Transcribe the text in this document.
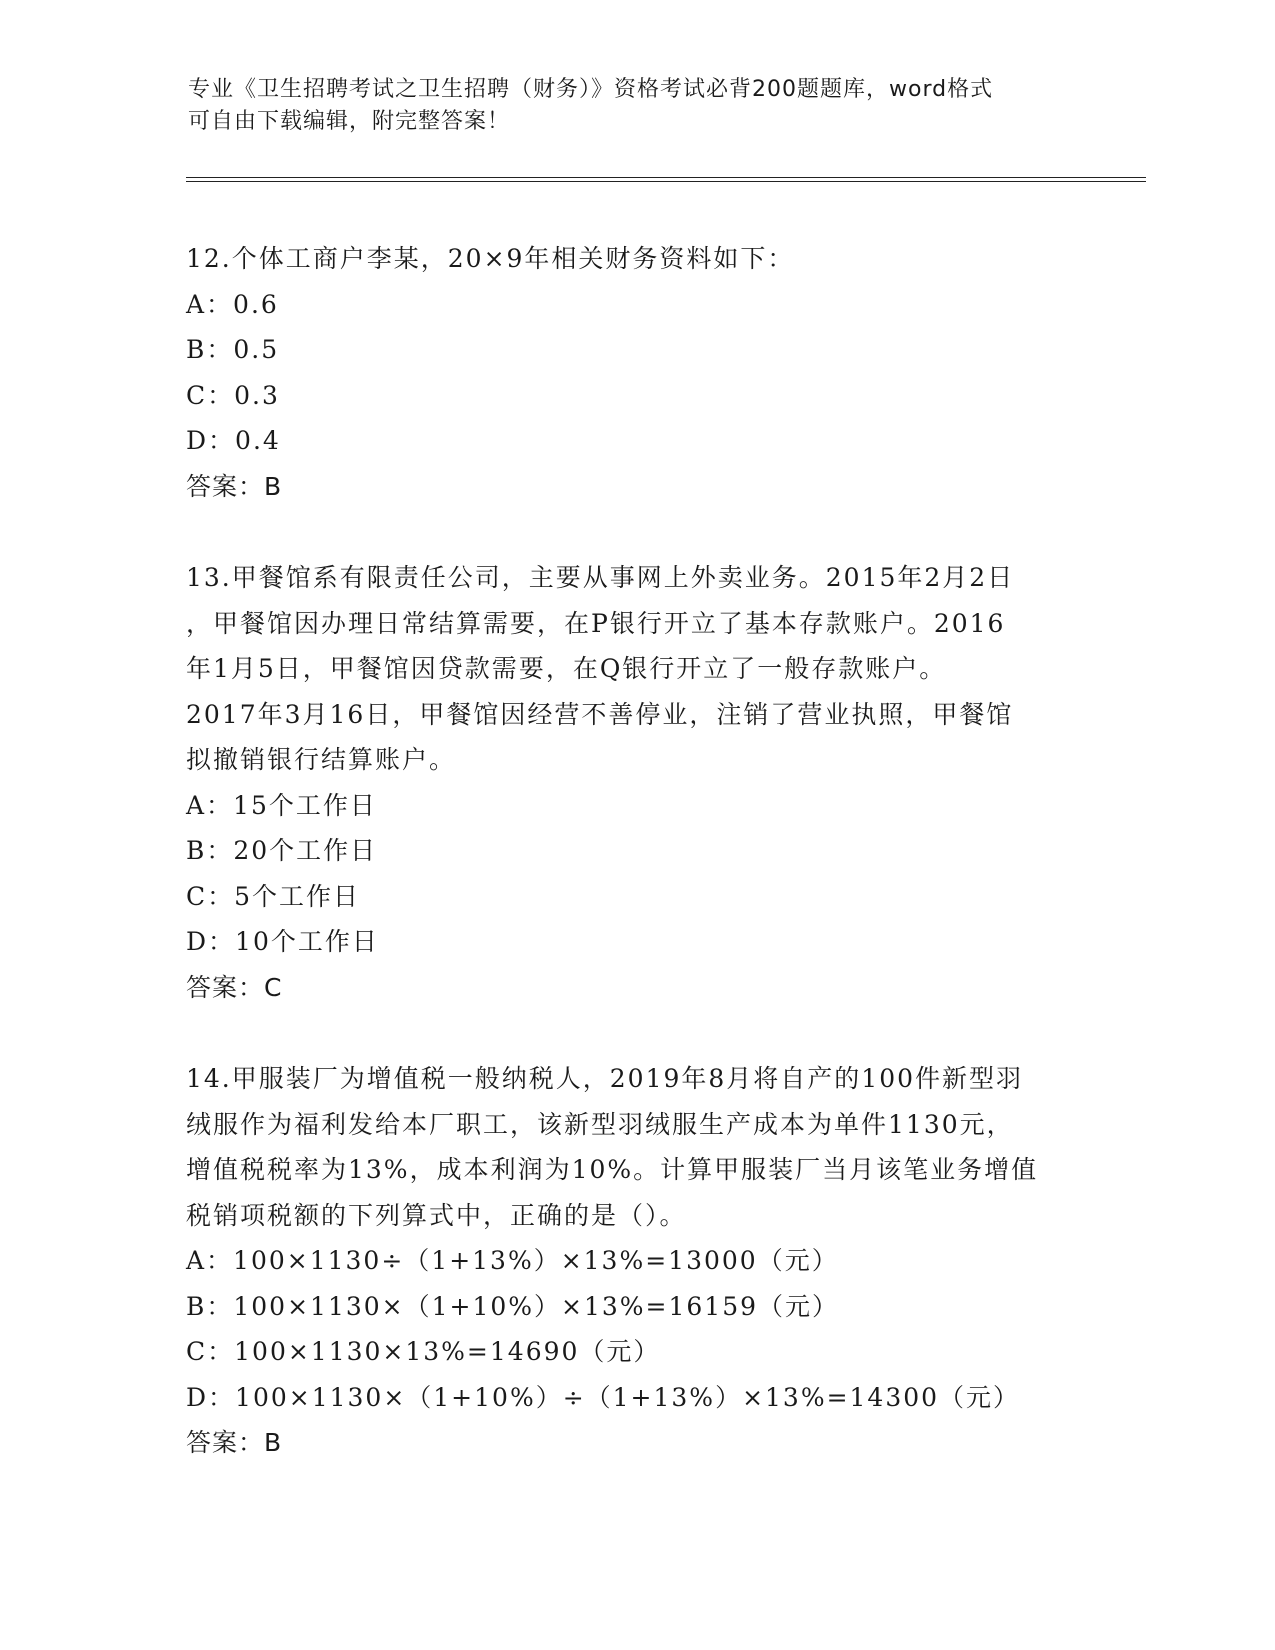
专业《卫生招聘考试之卫生招聘（财务）》资格考试必背200题题库，word格式
可自由下载编辑，附完整答案！
12.个体工商户李某，20×9年相关财务资料如下：
A：0.6
B：0.5
C：0.3
D：0.4
答案：B
13.甲餐馆系有限责任公司，主要从事网上外卖业务。2015年2月2日
，甲餐馆因办理日常结算需要，在P银行开立了基本存款账户。2016
年1月5日，甲餐馆因贷款需要，在Q银行开立了一般存款账户。
2017年3月16日，甲餐馆因经营不善停业，注销了营业执照，甲餐馆
拟撤销银行结算账户。
A：15个工作日
B：20个工作日
C：5个工作日
D：10个工作日
答案：C
14.甲服装厂为增值税一般纳税人，2019年8月将自产的100件新型羽
绒服作为福利发给本厂职工，该新型羽绒服生产成本为单件1130元，
增值税税率为13%，成本利润为10%。计算甲服装厂当月该笔业务增值
税销项税额的下列算式中，正确的是（）。
A：100×1130÷（1+13%）×13%=13000（元）
B：100×1130×（1+10%）×13%=16159（元）
C：100×1130×13%=14690（元）
D：100×1130×（1+10%）÷（1+13%）×13%=14300（元）
答案：B
